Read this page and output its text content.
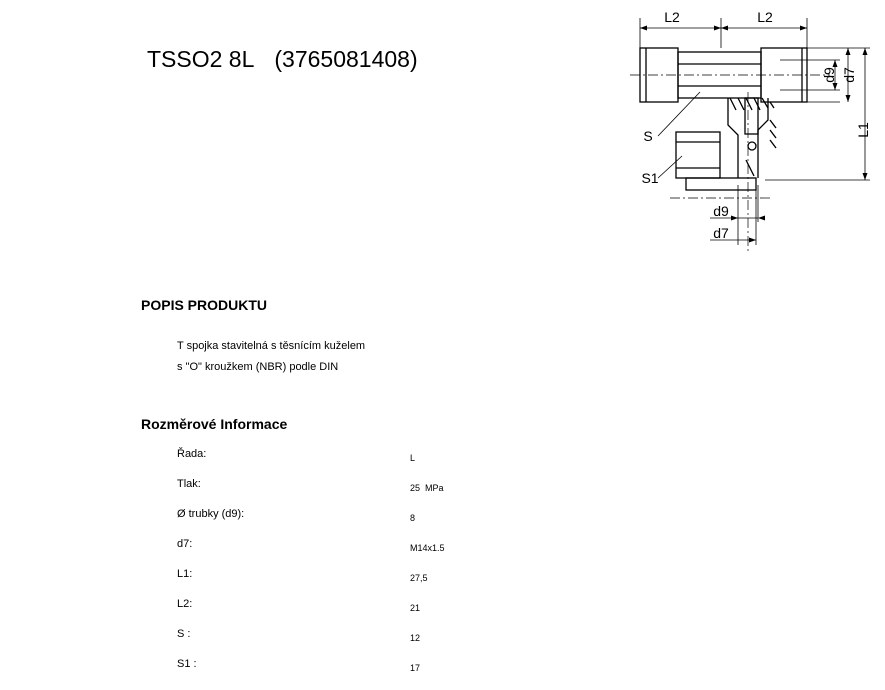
TSSO2 8L (3765081408)
L2	L2
d9 d7
L1
S
S1
d9
d7
POPIS PRODUKTU
T spojka stavitelná s těsnícím kuželem
s "O" kroužkem (NBR) podle DIN
Rozměrové Informace
Řada:	L
Tlak:	25  MPa
Ø trubky (d9):	8
d7:	M14x1.5
L1:	27,5
L2:	21
S :	12
S1 :	17
